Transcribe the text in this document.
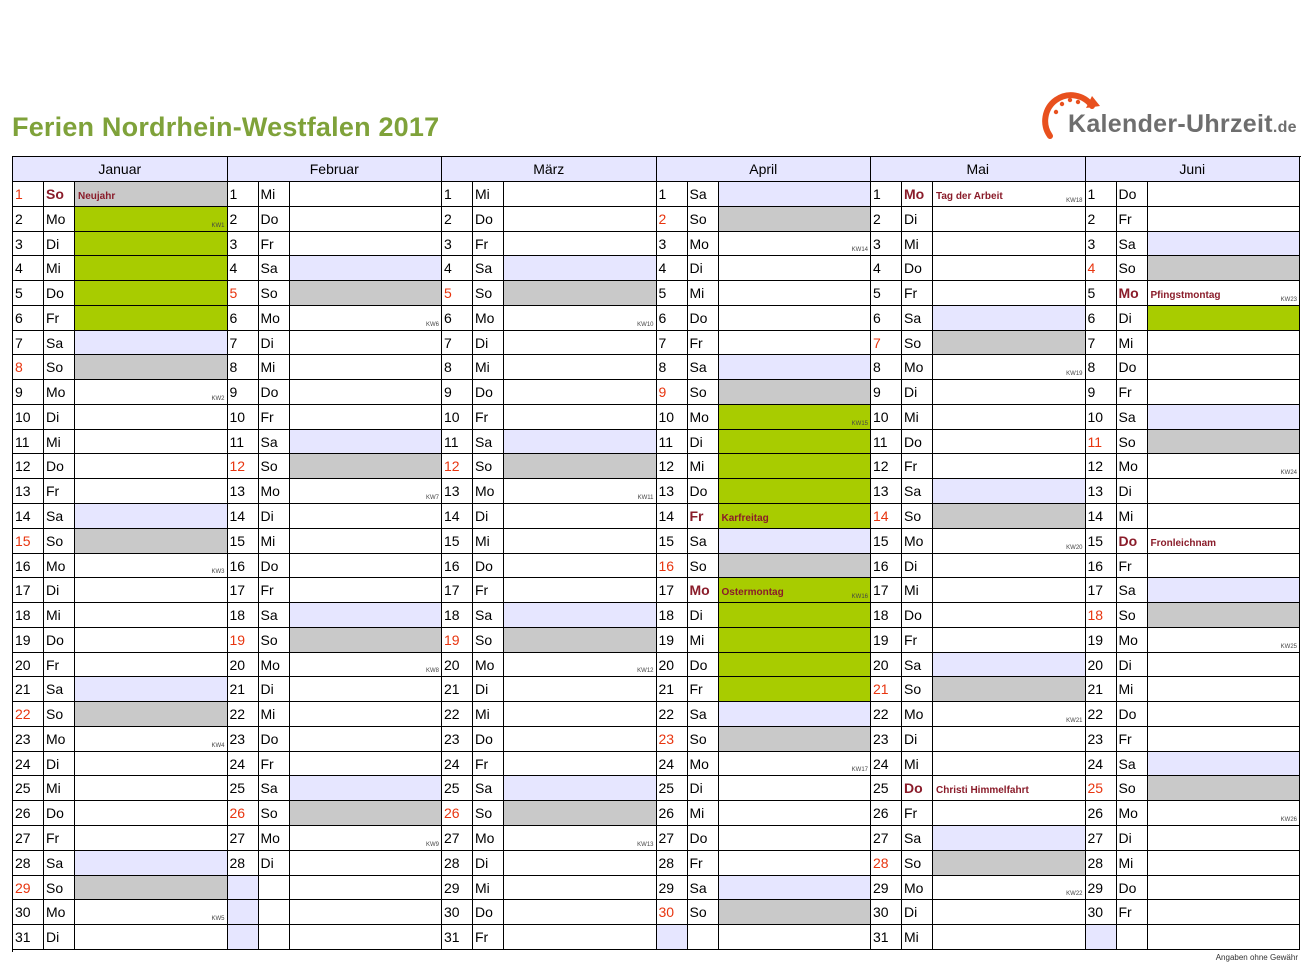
Ferien Nordrhein-Westfalen 2017	Kalender-Uhrzeit.de
Januar
1	So	Neujahr
2	Mo	KW1
3	Di
4	Mi
5	Do
6	Fr
7	Sa
8	So
9	Mo	KW2
10	Di
11	Mi
12	Do
13	Fr
14	Sa
15	So
16	Mo	KW3
17	Di
18	Mi
19	Do
20	Fr
21	Sa
22	So
23	Mo	KW4
24	Di
25	Mi
26	Do
27	Fr
28	Sa
29	So
30	Mo	KW5
31	Di
Februar
1	Mi
2	Do
3	Fr
4	Sa
5	So
6	Mo	KW6
7	Di
8	Mi
9	Do
10	Fr
11	Sa
12	So
13	Mo	KW7
14	Di
15	Mi
16	Do
17	Fr
18	Sa
19	So
20	Mo	KW8
21	Di
22	Mi
23	Do
24	Fr
25	Sa
26	So
27	Mo	KW9
28	Di
März
1	Mi
2	Do
3	Fr
4	Sa
5	So
6	Mo	KW10
7	Di
8	Mi
9	Do
10	Fr
11	Sa
12	So
13	Mo	KW11
14	Di
15	Mi
16	Do
17	Fr
18	Sa
19	So
20	Mo	KW12
21	Di
22	Mi
23	Do
24	Fr
25	Sa
26	So
27	Mo	KW13
28	Di
29	Mi
30	Do
31	Fr
April
1	Sa
2	So
3	Mo	KW14
4	Di
5	Mi
6	Do
7	Fr
8	Sa
9	So
10	Mo	KW15
11	Di
12	Mi
13	Do
14	Fr	Karfreitag
15	Sa
16	So
17	Mo	Ostermontag	KW16
18	Di
19	Mi
20	Do
21	Fr
22	Sa
23	So
24	Mo	KW17
25	Di
26	Mi
27	Do
28	Fr
29	Sa
30	So
Mai
1	Mo	Tag der Arbeit	KW18
2	Di
3	Mi
4	Do
5	Fr
6	Sa
7	So
8	Mo	KW19
9	Di
10	Mi
11	Do
12	Fr
13	Sa
14	So
15	Mo	KW20
16	Di
17	Mi
18	Do
19	Fr
20	Sa
21	So
22	Mo	KW21
23	Di
24	Mi
25	Do	Christi Himmelfahrt
26	Fr
27	Sa
28	So
29	Mo	KW22
30	Di
31	Mi
Juni
1	Do
2	Fr
3	Sa
4	So
5	Mo	Pfingstmontag	KW23
6	Di
7	Mi
8	Do
9	Fr
10	Sa
11	So
12	Mo	KW24
13	Di
14	Mi
15	Do	Fronleichnam
16	Fr
17	Sa
18	So
19	Mo	KW25
20	Di
21	Mi
22	Do
23	Fr
24	Sa
25	So
26	Mo	KW26
27	Di
28	Mi
29	Do
30	Fr
Angaben ohne Gewähr
